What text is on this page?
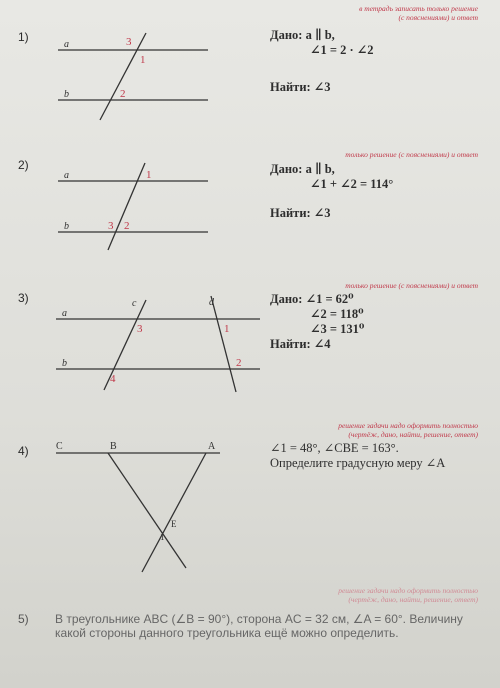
в тетрадь записать только решение
(с пояснениями) и ответ
1)
a
b
3
1
2
Дано: a ∥ b,
∠1 = 2 · ∠2
Найти: ∠3
только решение (с пояснениями) и ответ
2)
a
b
1
3 2
Дано: a ∥ b,
∠1 + ∠2 = 114°
Найти: ∠3
только решение (с пояснениями) и ответ
3)
a
b
c	d
3	1
2
4
Дано: ∠1 = 62⁰
∠2 = 118⁰
∠3 = 131⁰
Найти: ∠4
решение задачи надо оформить полностью
(чертёж, дано, найти, решение, ответ)
4)	C	B	A
E
1
∠1 = 48°, ∠CBE = 163°.
Определите градусную меру ∠A
решение задачи надо оформить полностью
(чертёж, дано, найти, решение, ответ)
5) В треугольнике ABC (∠B = 90°), сторона AC = 32 см, ∠A = 60°. Величину какой стороны данного треугольника ещё можно определить.
